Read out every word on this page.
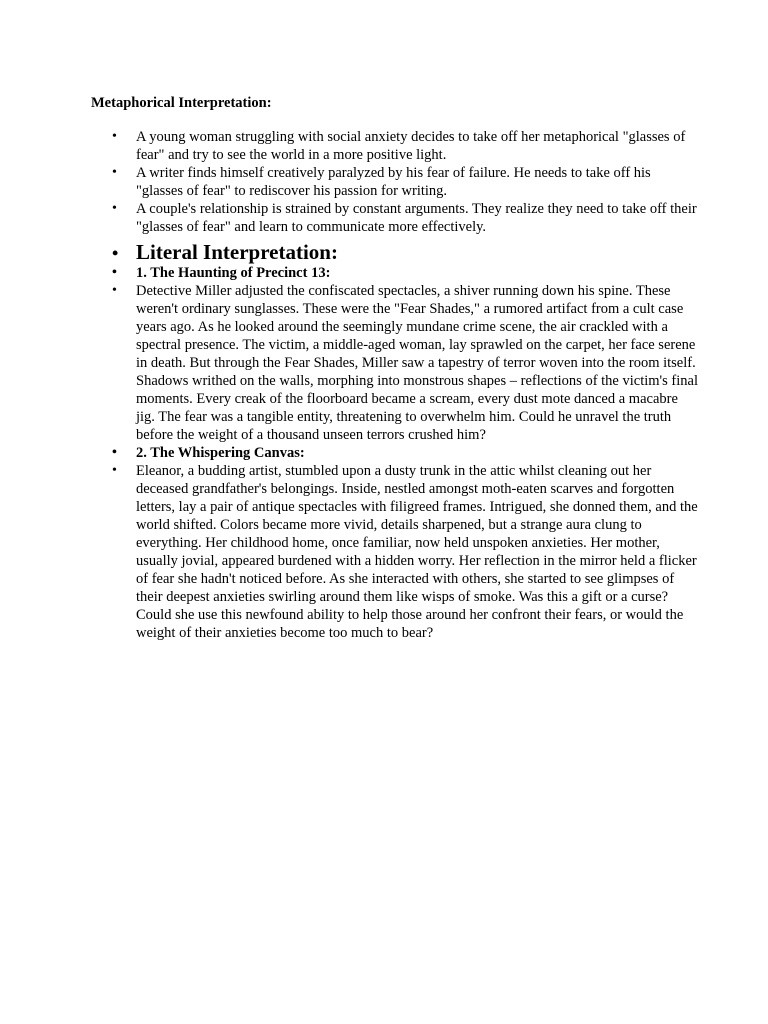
Metaphorical Interpretation:

• A young woman struggling with social anxiety decides to take off her metaphorical "glasses of fear" and try to see the world in a more positive light.
• A writer finds himself creatively paralyzed by his fear of failure. He needs to take off his "glasses of fear" to rediscover his passion for writing.
• A couple's relationship is strained by constant arguments. They realize they need to take off their "glasses of fear" and learn to communicate more effectively.
• Literal Interpretation:
• 1. The Haunting of Precinct 13:
• Detective Miller adjusted the confiscated spectacles, a shiver running down his spine. These weren't ordinary sunglasses. These were the "Fear Shades," a rumored artifact from a cult case years ago. As he looked around the seemingly mundane crime scene, the air crackled with a spectral presence. The victim, a middle-aged woman, lay sprawled on the carpet, her face serene in death. But through the Fear Shades, Miller saw a tapestry of terror woven into the room itself. Shadows writhed on the walls, morphing into monstrous shapes – reflections of the victim's final moments. Every creak of the floorboard became a scream, every dust mote danced a macabre jig. The fear was a tangible entity, threatening to overwhelm him. Could he unravel the truth before the weight of a thousand unseen terrors crushed him?
• 2. The Whispering Canvas:
• Eleanor, a budding artist, stumbled upon a dusty trunk in the attic whilst cleaning out her deceased grandfather's belongings. Inside, nestled amongst moth-eaten scarves and forgotten letters, lay a pair of antique spectacles with filigreed frames. Intrigued, she donned them, and the world shifted. Colors became more vivid, details sharpened, but a strange aura clung to everything. Her childhood home, once familiar, now held unspoken anxieties. Her mother, usually jovial, appeared burdened with a hidden worry. Her reflection in the mirror held a flicker of fear she hadn't noticed before. As she interacted with others, she started to see glimpses of their deepest anxieties swirling around them like wisps of smoke. Was this a gift or a curse? Could she use this newfound ability to help those around her confront their fears, or would the weight of their anxieties become too much to bear?
